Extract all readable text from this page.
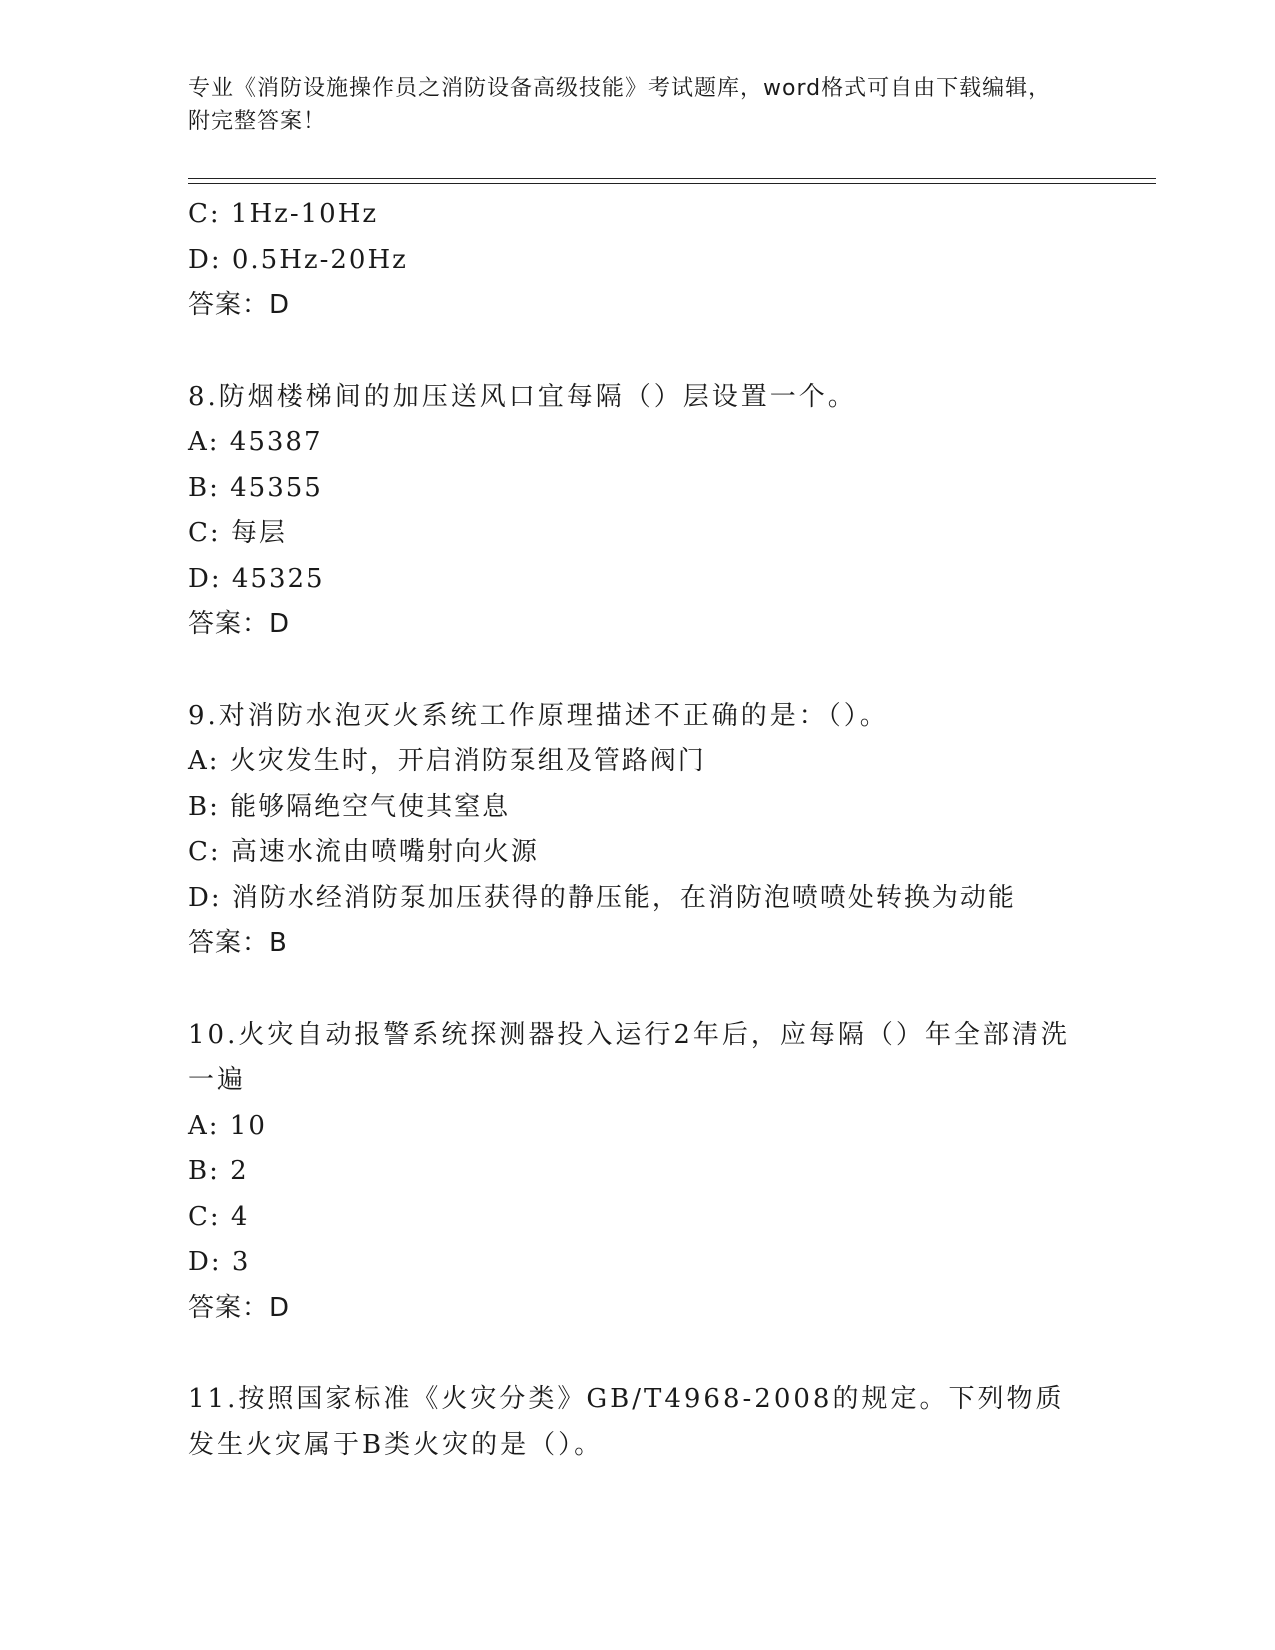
专业《消防设施操作员之消防设备高级技能》考试题库，word格式可自由下载编辑，附完整答案！
C: 1Hz-10Hz
D: 0.5Hz-20Hz
答案：D
8.防烟楼梯间的加压送风口宜每隔（）层设置一个。
A: 45387
B: 45355
C: 每层
D: 45325
答案：D
9.对消防水泡灭火系统工作原理描述不正确的是：（）。
A: 火灾发生时，开启消防泵组及管路阀门
B: 能够隔绝空气使其窒息
C: 高速水流由喷嘴射向火源
D: 消防水经消防泵加压获得的静压能，在消防泡喷喷处转换为动能
答案：B
10.火灾自动报警系统探测器投入运行2年后，应每隔（）年全部清洗一遍
A: 10
B: 2
C: 4
D: 3
答案：D
11.按照国家标准《火灾分类》GB/T4968-2008的规定。下列物质发生火灾属于B类火灾的是（）。
